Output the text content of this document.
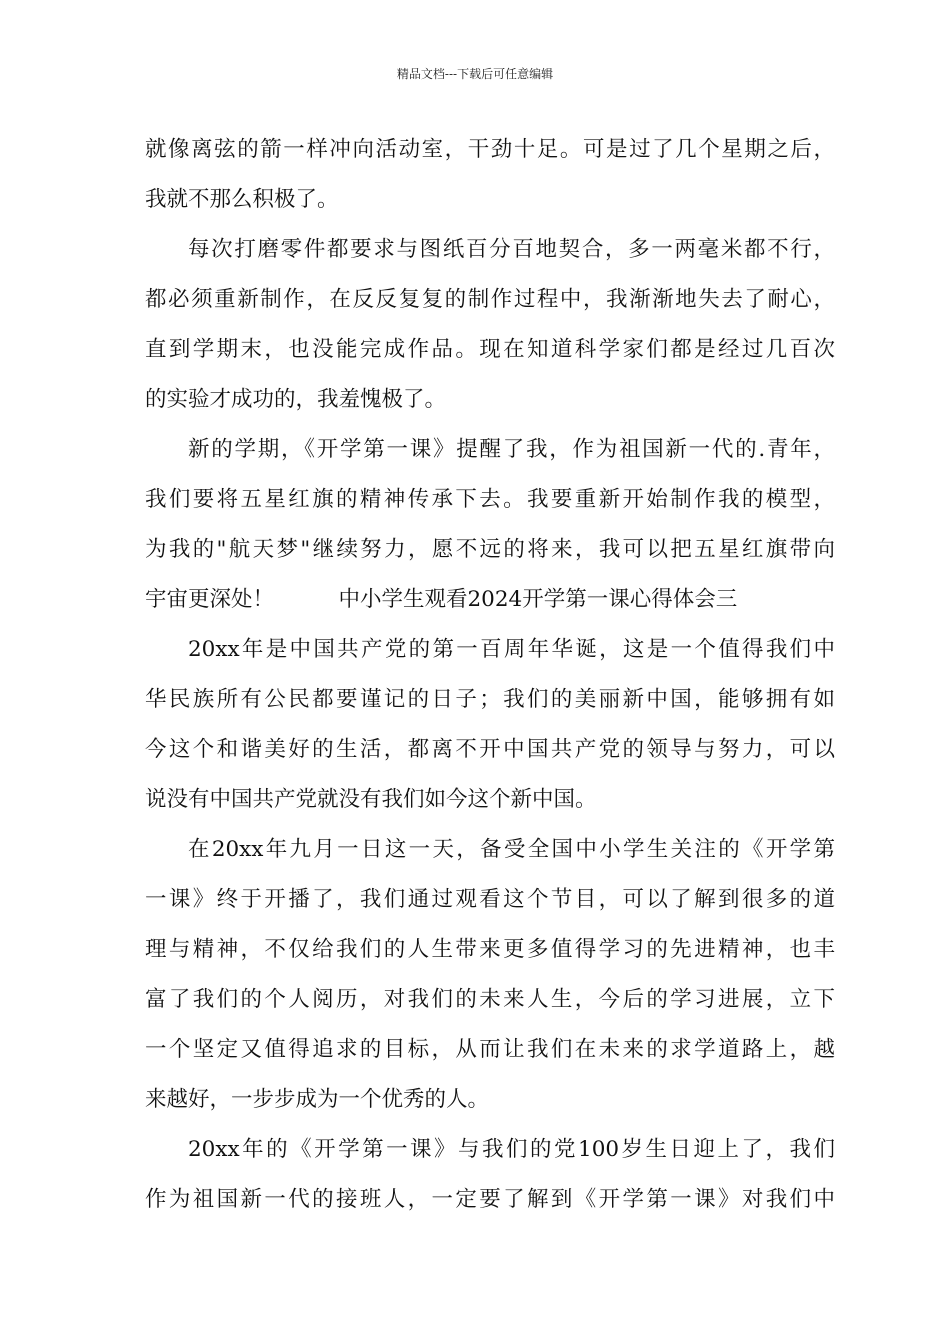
精品文档---下载后可任意编辑
就像离弦的箭一样冲向活动室，干劲十足。可是过了几个星期之后，
我就不那么积极了。
每次打磨零件都要求与图纸百分百地契合，多一两毫米都不行，
都必须重新制作，在反反复复的制作过程中，我渐渐地失去了耐心，
直到学期末，也没能完成作品。现在知道科学家们都是经过几百次
的实验才成功的，我羞愧极了。
新的学期，《开学第一课》提醒了我，作为祖国新一代的.青年，
我们要将五星红旗的精神传承下去。我要重新开始制作我的模型，
为我的"航天梦"继续努力，愿不远的将来，我可以把五星红旗带向
宇宙更深处！　　　中小学生观看2024开学第一课心得体会三
20xx年是中国共产党的第一百周年华诞，这是一个值得我们中
华民族所有公民都要谨记的日子；我们的美丽新中国，能够拥有如
今这个和谐美好的生活，都离不开中国共产党的领导与努力，可以
说没有中国共产党就没有我们如今这个新中国。
在20xx年九月一日这一天，备受全国中小学生关注的《开学第
一课》终于开播了，我们通过观看这个节目，可以了解到很多的道
理与精神，不仅给我们的人生带来更多值得学习的先进精神，也丰
富了我们的个人阅历，对我们的未来人生，今后的学习进展，立下
一个坚定又值得追求的目标，从而让我们在未来的求学道路上，越
来越好，一步步成为一个优秀的人。
20xx年的《开学第一课》与我们的党100岁生日迎上了，我们
作为祖国新一代的接班人，一定要了解到《开学第一课》对我们中
